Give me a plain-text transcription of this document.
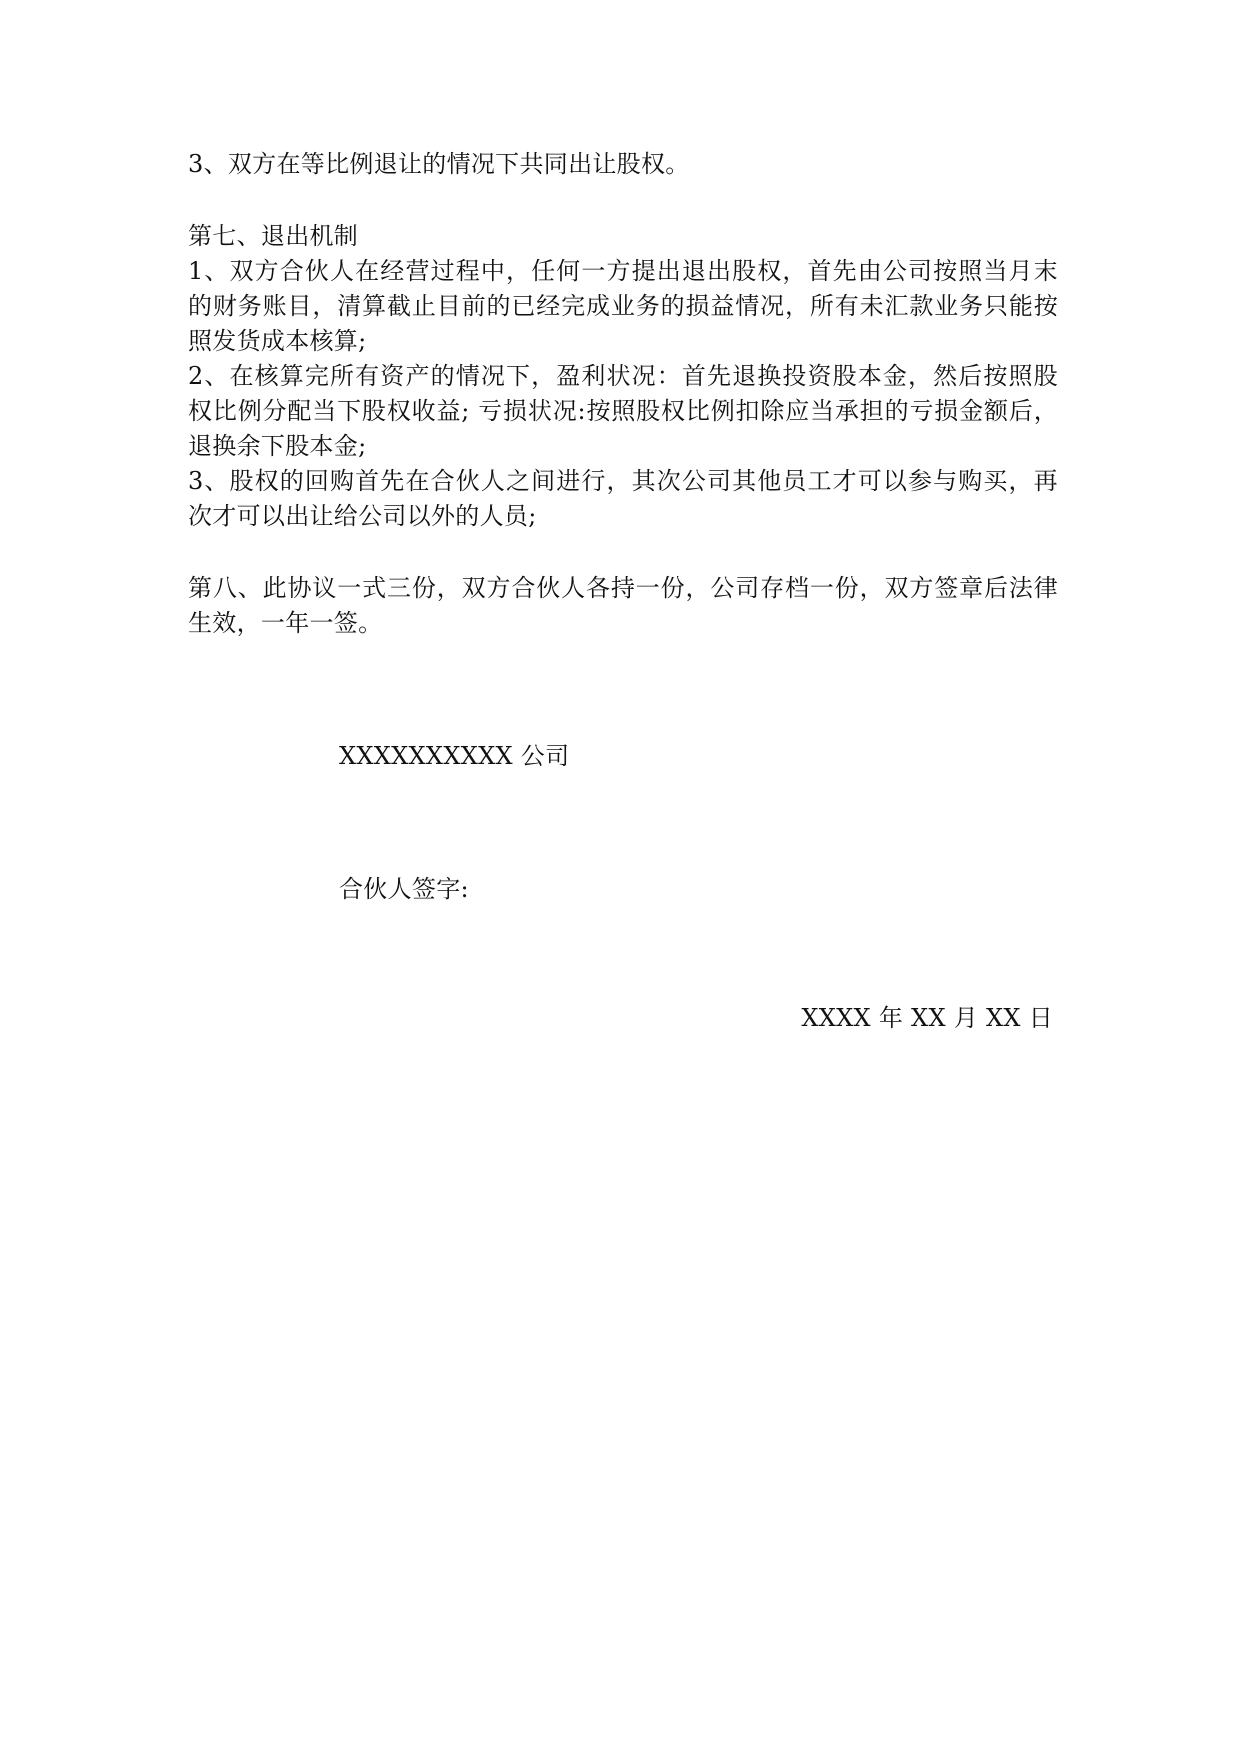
3、双方在等比例退让的情况下共同出让股权。
第七、退出机制
1、双方合伙人在经营过程中，任何一方提出退出股权，首先由公司按照当月末
的财务账目，清算截止目前的已经完成业务的损益情况，所有未汇款业务只能按
照发货成本核算;
2、在核算完所有资产的情况下，盈利状况：首先退换投资股本金，然后按照股
权比例分配当下股权收益; 亏损状况:按照股权比例扣除应当承担的亏损金额后，
退换余下股本金;
3、股权的回购首先在合伙人之间进行，其次公司其他员工才可以参与购买，再
次才可以出让给公司以外的人员;
第八、此协议一式三份，双方合伙人各持一份，公司存档一份，双方签章后法律
生效，一年一签。
XXXXXXXXXX 公司
合伙人签字:
XXXX 年 XX 月 XX 日
